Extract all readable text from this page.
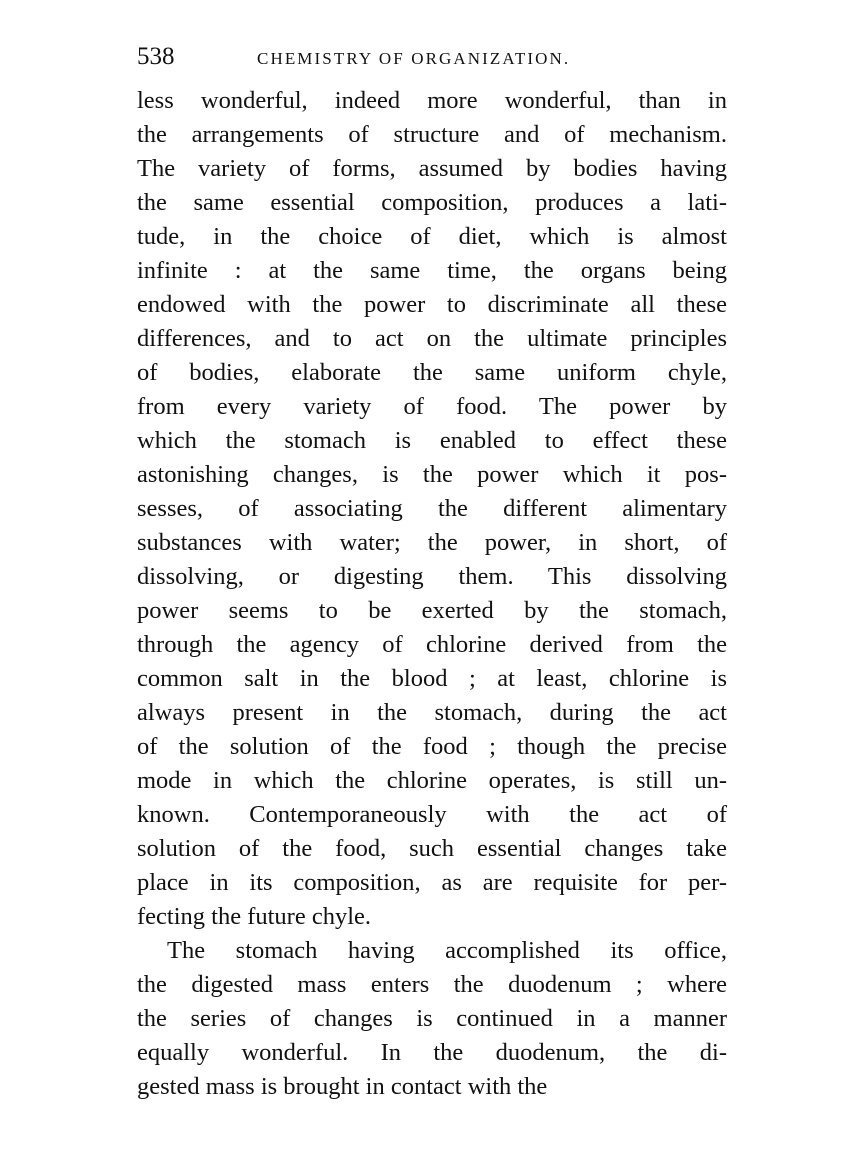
538	CHEMISTRY OF ORGANIZATION.
less wonderful, indeed more wonderful, than in
the arrangements of structure and of mechanism.
The variety of forms, assumed by bodies having
the same essential composition, produces a lati-
tude, in the choice of diet, which is almost
infinite : at the same time, the organs being
endowed with the power to discriminate all these
differences, and to act on the ultimate principles
of bodies, elaborate the same uniform chyle,
from every variety of food. The power by
which the stomach is enabled to effect these
astonishing changes, is the power which it pos-
sesses, of associating the different alimentary
substances with water; the power, in short, of
dissolving, or digesting them. This dissolving
power seems to be exerted by the stomach,
through the agency of chlorine derived from the
common salt in the blood ; at least, chlorine is
always present in the stomach, during the act
of the solution of the food ; though the precise
mode in which the chlorine operates, is still un-
known. Contemporaneously with the act of
solution of the food, such essential changes take
place in its composition, as are requisite for per-
fecting the future chyle.
The stomach having accomplished its office,
the digested mass enters the duodenum ; where
the series of changes is continued in a manner
equally wonderful. In the duodenum, the di-
gested mass is brought in contact with the
